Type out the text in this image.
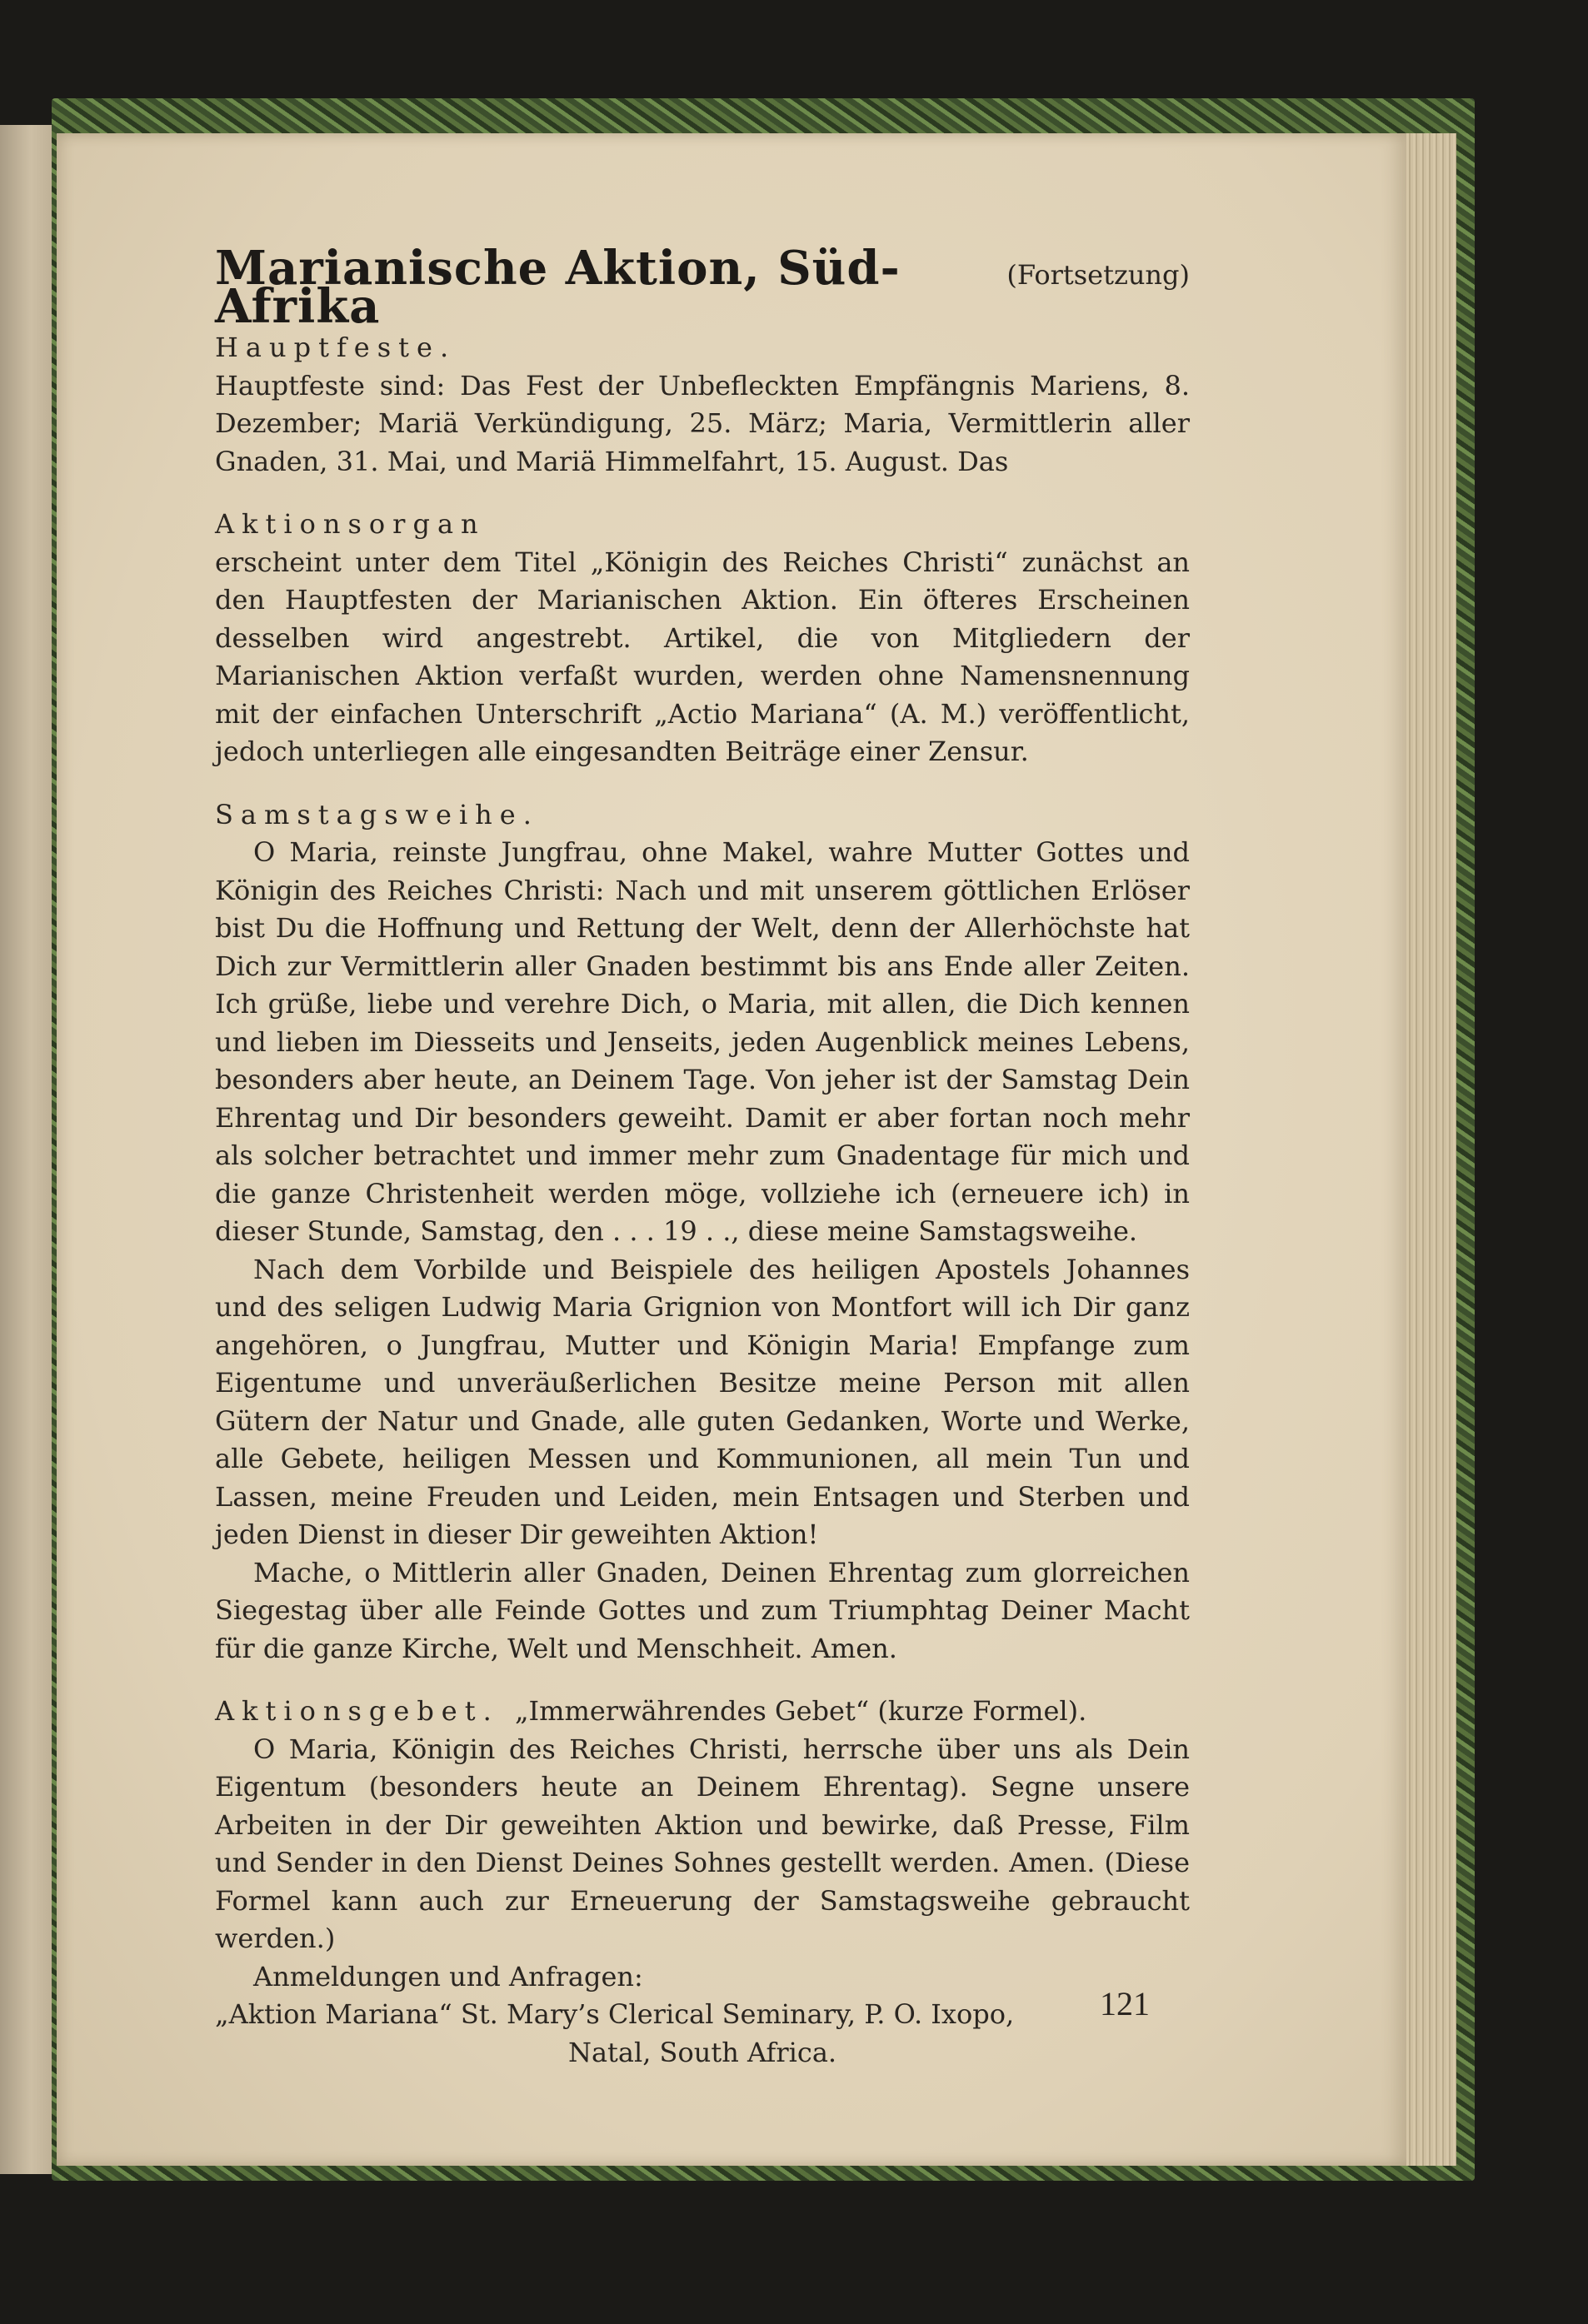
Marianische Aktion, Süd-Afrika
(Fortsetzung)
Hauptfeste.

Hauptfeste sind: Das Fest der Unbefleckten Empfängnis Mariens, 8. Dezember; Mariä Verkündigung, 25. März; Maria, Vermittlerin aller Gnaden, 31. Mai, und Mariä Himmelfahrt, 15. August. Das

Aktionsorgan

erscheint unter dem Titel „Königin des Reiches Christi“ zunächst an den Hauptfesten der Marianischen Aktion. Ein öfteres Erscheinen desselben wird angestrebt. Artikel, die von Mitgliedern der Marianischen Aktion verfaßt wurden, werden ohne Namensnennung mit der einfachen Unterschrift „Actio Mariana“ (A. M.) veröffentlicht, jedoch unterliegen alle eingesandten Beiträge einer Zensur.

Samstagsweihe.

O Maria, reinste Jungfrau, ohne Makel, wahre Mutter Gottes und Königin des Reiches Christi: Nach und mit unserem göttlichen Erlöser bist Du die Hoffnung und Rettung der Welt, denn der Allerhöchste hat Dich zur Vermittlerin aller Gnaden bestimmt bis ans Ende aller Zeiten. Ich grüße, liebe und verehre Dich, o Maria, mit allen, die Dich kennen und lieben im Diesseits und Jenseits, jeden Augenblick meines Lebens, besonders aber heute, an Deinem Tage. Von jeher ist der Samstag Dein Ehrentag und Dir besonders geweiht. Damit er aber fortan noch mehr als solcher betrachtet und immer mehr zum Gnadentage für mich und die ganze Christenheit werden möge, vollziehe ich (erneuere ich) in dieser Stunde, Samstag, den . . . 19 . ., diese meine Samstagsweihe.

Nach dem Vorbilde und Beispiele des heiligen Apostels Johannes und des seligen Ludwig Maria Grignion von Montfort will ich Dir ganz angehören, o Jungfrau, Mutter und Königin Maria! Empfange zum Eigentume und unveräußerlichen Besitze meine Person mit allen Gütern der Natur und Gnade, alle guten Gedanken, Worte und Werke, alle Gebete, heiligen Messen und Kommunionen, all mein Tun und Lassen, meine Freuden und Leiden, mein Entsagen und Sterben und jeden Dienst in dieser Dir geweihten Aktion!

Mache, o Mittlerin aller Gnaden, Deinen Ehrentag zum glorreichen Siegestag über alle Feinde Gottes und zum Triumphtag Deiner Macht für die ganze Kirche, Welt und Menschheit. Amen.

Aktionsgebet. „Immerwährendes Gebet“ (kurze Formel).

O Maria, Königin des Reiches Christi, herrsche über uns als Dein Eigentum (besonders heute an Deinem Ehrentag). Segne unsere Arbeiten in der Dir geweihten Aktion und bewirke, daß Presse, Film und Sender in den Dienst Deines Sohnes gestellt werden. Amen. (Diese Formel kann auch zur Erneuerung der Samstagsweihe gebraucht werden.)

Anmeldungen und Anfragen:

„Aktion Mariana“ St. Mary’s Clerical Seminary, P. O. Ixopo,

Natal, South Africa.

121
